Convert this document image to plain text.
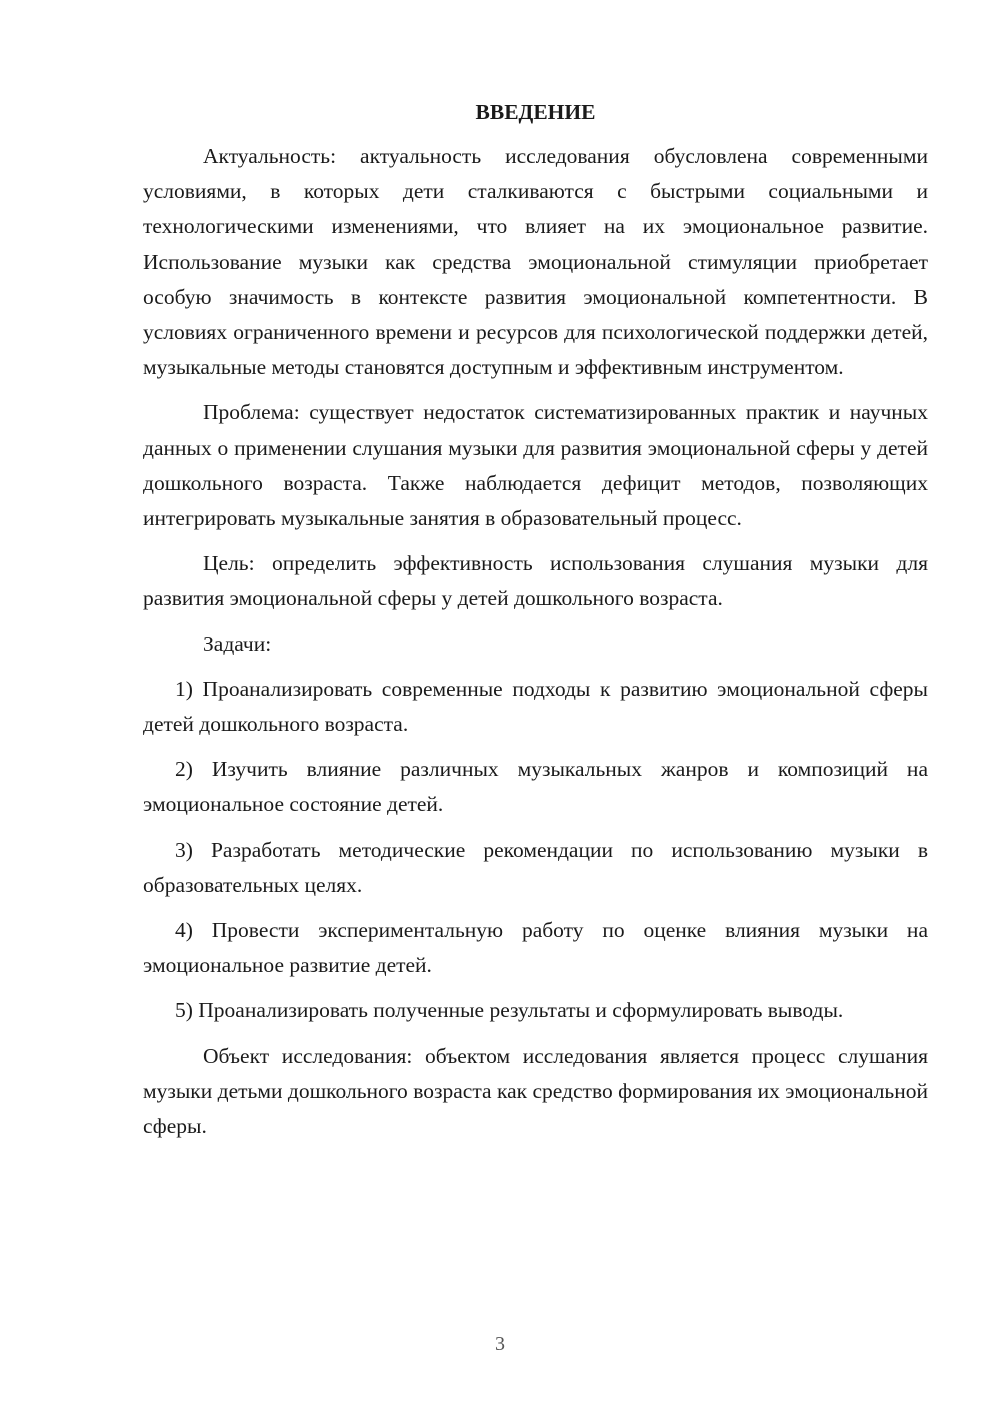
ВВЕДЕНИЕ

Актуальность: актуальность исследования обусловлена современными условиями, в которых дети сталкиваются с быстрыми социальными и технологическими изменениями, что влияет на их эмоциональное развитие. Использование музыки как средства эмоциональной стимуляции приобретает особую значимость в контексте развития эмоциональной компетентности. В условиях ограниченного времени и ресурсов для психологической поддержки детей, музыкальные методы становятся доступным и эффективным инструментом.

Проблема: существует недостаток систематизированных практик и научных данных о применении слушания музыки для развития эмоциональной сферы у детей дошкольного возраста. Также наблюдается дефицит методов, позволяющих интегрировать музыкальные занятия в образовательный процесс.

Цель: определить эффективность использования слушания музыки для развития эмоциональной сферы у детей дошкольного возраста.

Задачи:

1) Проанализировать современные подходы к развитию эмоциональной сферы детей дошкольного возраста.

2) Изучить влияние различных музыкальных жанров и композиций на эмоциональное состояние детей.

3) Разработать методические рекомендации по использованию музыки в образовательных целях.

4) Провести экспериментальную работу по оценке влияния музыки на эмоциональное развитие детей.

5) Проанализировать полученные результаты и сформулировать выводы.

Объект исследования: объектом исследования является процесс слушания музыки детьми дошкольного возраста как средство формирования их эмоциональной сферы.

3
